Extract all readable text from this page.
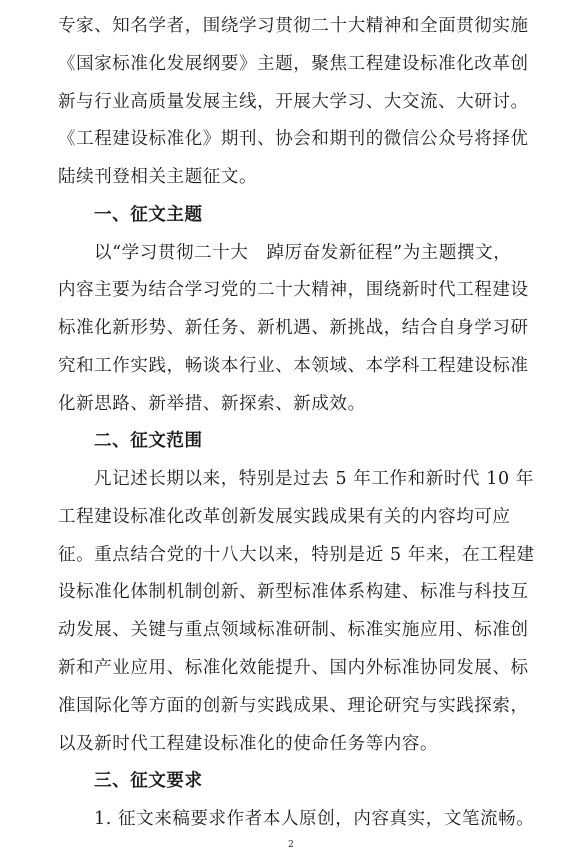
专家、知名学者，围绕学习贯彻二十大精神和全面贯彻实施
《国家标准化发展纲要》主题，聚焦工程建设标准化改革创
新与行业高质量发展主线，开展大学习、大交流、大研讨。
《工程建设标准化》期刊、协会和期刊的微信公众号将择优
陆续刊登相关主题征文。
一、征文主题
以“学习贯彻二十大　踔厉奋发新征程”为主题撰文，
内容主要为结合学习党的二十大精神，围绕新时代工程建设
标准化新形势、新任务、新机遇、新挑战，结合自身学习研
究和工作实践，畅谈本行业、本领域、本学科工程建设标准
化新思路、新举措、新探索、新成效。
二、征文范围
凡记述长期以来，特别是过去 5 年工作和新时代 10 年
工程建设标准化改革创新发展实践成果有关的内容均可应
征。重点结合党的十八大以来，特别是近 5 年来，在工程建
设标准化体制机制创新、新型标准体系构建、标准与科技互
动发展、关键与重点领域标准研制、标准实施应用、标准创
新和产业应用、标准化效能提升、国内外标准协同发展、标
准国际化等方面的创新与实践成果、理论研究与实践探索，
以及新时代工程建设标准化的使命任务等内容。
三、征文要求
1. 征文来稿要求作者本人原创，内容真实，文笔流畅。
2
